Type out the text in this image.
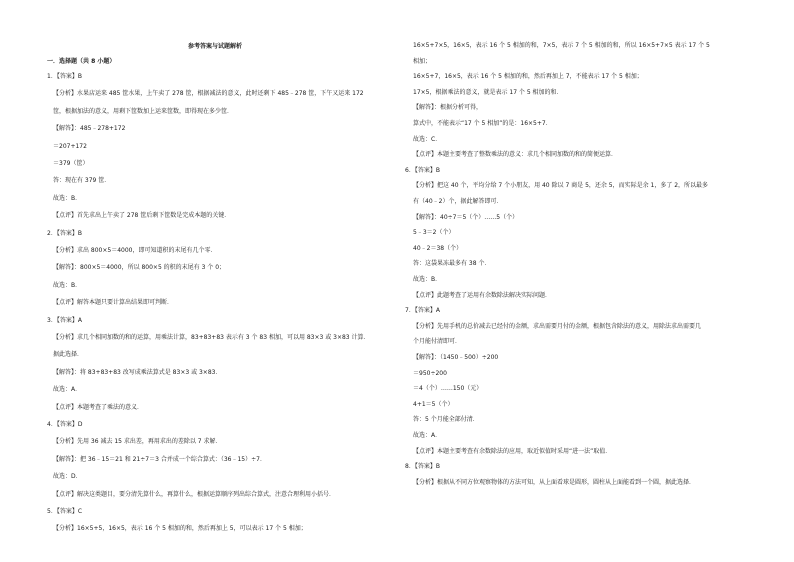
参考答案与试题解析
一．选择题（共 8 小题）
1．【答案】B
【分析】水果店运来 485 筐水果，上午卖了 278 筐，根据减法的意义，此时还剩下 485﹣278 筐，下午又运来 172
筐，根据加法的意义，用剩下筐数加上运来筐数，即得现在多少筐．
【解答】：485﹣278+172
＝207+172
＝379（筐）
答：现在有 379 筐．
故选：B．
【点评】首先求出上午卖了 278 筐后剩下筐数是完成本题的关键．
2．【答案】B
【分析】求出 800×5＝4000，即可知道积的末尾有几个零．
【解答】：800×5＝4000，所以 800×5 的积的末尾有 3 个 0；
故选：B．
【点评】解答本题只要计算出结果即可判断．
3．【答案】A
【分析】求几个相同加数的和的运算，用乘法计算，83+83+83 表示有 3 个 83 相加，可以用 83×3 或 3×83 计算．
据此选择．
【解答】：将 83+83+83 改写成乘法算式是 83×3 或 3×83．
故选：A．
【点评】本题考查了乘法的意义．
4．【答案】D
【分析】先用 36 减去 15 求出差，再用求出的差除以 7 求解．
【解答】：把 36﹣15＝21 和 21÷7＝3 合并成一个综合算式：（36﹣15）÷7．
故选：D．
【点评】解决这类题目，要分清先算什么，再算什么，根据运算顺序列出综合算式，注意合理利用小括号．
5．【答案】C
【分析】16×5+5，16×5，表示 16 个 5 相加的和，然后再加上 5，可以表示 17 个 5 相加；
16×5+7×5，16×5，表示 16 个 5 相加的和，7×5，表示 7 个 5 相加的和，所以 16×5+7×5 表示 17 个 5
相加；
16×5+7，16×5，表示 16 个 5 相加的和，然后再加上 7，不能表示 17 个 5 相加；
17×5，根据乘法的意义，就是表示 17 个 5 相加的和．
【解答】：根据分析可得，
算式中，不能表示“17 个 5 相加”的是：16×5+7．
故选：C．
【点评】本题主要考查了整数乘法的意义：求几个相同加数的和的简便运算．
6．【答案】B
【分析】把这 40 个，平均分给 7 个小朋友，用 40 除以 7 商是 5，还余 5，而实际是余 1，多了 2，所以最多
有（40﹣2）个，据此解答即可．
【解答】：40÷7＝5（个）……5（个）
5﹣3＝2（个）
40﹣2＝38（个）
答：这袋果冻最多有 38 个．
故选：B．
【点评】此题考查了运用有余数除法解决实际问题．
7．【答案】A
【分析】先用手机的总价减去已经付的金额，求出需要月付的金额，根据包含除法的意义，用除法求出需要几
个月能付清即可．
【解答】：（1450﹣500）÷200
＝950÷200
＝4（个）……150（元）
4+1＝5（个）
答：5 个月能全部付清．
故选：A．
【点评】本题主要考查有余数除法的应用，取近似值时采用“进一法”取值．
8．【答案】B
【分析】根据从不同方位观察物体的方法可知，从上面看球是圆形，圆柱从上面能看到一个圆，据此选择．
